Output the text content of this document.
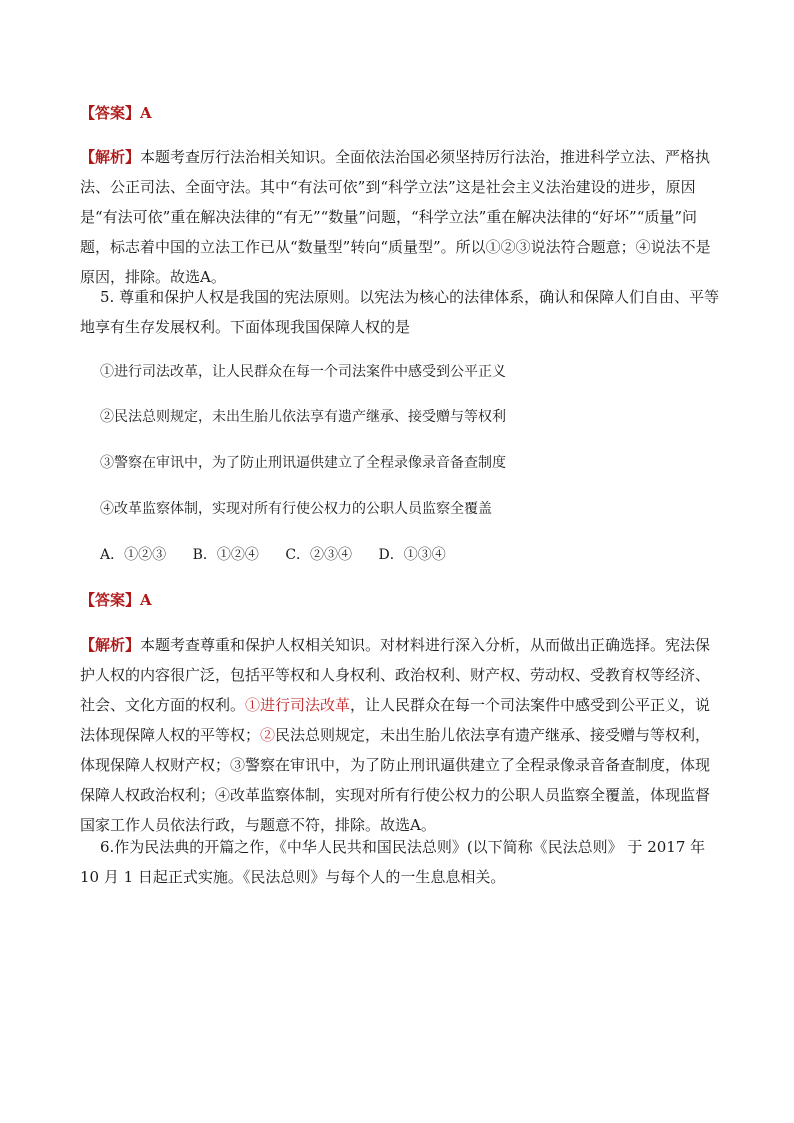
【答案】A
【解析】本题考查厉行法治相关知识。全面依法治国必须坚持厉行法治，推进科学立法、严格执法、公正司法、全面守法。其中“有法可依”到“科学立法”这是社会主义法治建设的进步，原因是“有法可依”重在解决法律的“有无”“数量”问题，“科学立法”重在解决法律的“好坏”“质量”问题，标志着中国的立法工作已从“数量型”转向“质量型”。所以①②③说法符合题意；④说法不是原因，排除。故选A。
5. 尊重和保护人权是我国的宪法原则。以宪法为核心的法律体系，确认和保障人们自由、平等地享有生存发展权利。下面体现我国保障人权的是
①进行司法改革，让人民群众在每一个司法案件中感受到公平正义
②民法总则规定，未出生胎儿依法享有遗产继承、接受赠与等权利
③警察在审讯中，为了防止刑讯逼供建立了全程录像录音备查制度
④改革监察体制，实现对所有行使公权力的公职人员监察全覆盖
A．①②③ B．①②④ C．②③④ D．①③④
【答案】A
【解析】本题考查尊重和保护人权相关知识。对材料进行深入分析，从而做出正确选择。宪法保护人权的内容很广泛，包括平等权和人身权利、政治权利、财产权、劳动权、受教育权等经济、社会、文化方面的权利。①进行司法改革，让人民群众在每一个司法案件中感受到公平正义，说法体现保障人权的平等权；②民法总则规定，未出生胎儿依法享有遗产继承、接受赠与等权利，体现保障人权财产权；③警察在审讯中，为了防止刑讯逼供建立了全程录像录音备查制度，体现保障人权政治权利；④改革监察体制，实现对所有行使公权力的公职人员监察全覆盖，体现监督国家工作人员依法行政，与题意不符，排除。故选A。
6.作为民法典的开篇之作，《中华人民共和国民法总则》(以下简称《民法总则》 于 2017 年 10 月 1 日起正式实施。《民法总则》与每个人的一生息息相关。
